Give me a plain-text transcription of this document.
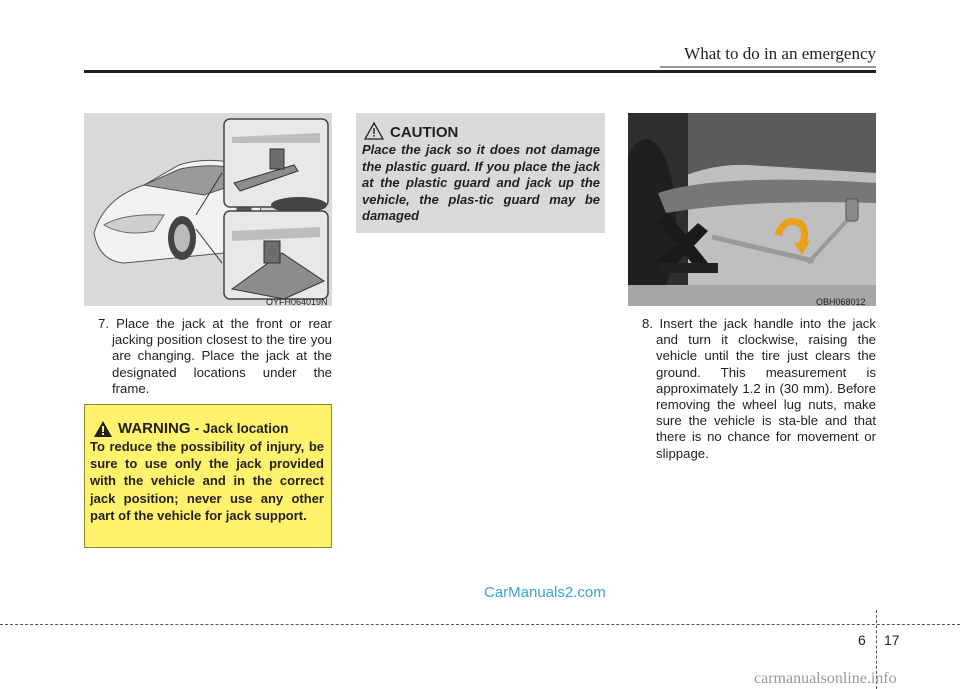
What to do in an emergency
OYFH064019N

7. Place the jack at the front or rear jacking position closest to the tire you are changing. Place the jack at the designated locations under the frame.

WARNING - Jack location
To reduce the possibility of injury, be sure to use only the jack provided with the vehicle and in the correct jack position; never use any other part of the vehicle for jack support.
CAUTION
Place the jack so it does not damage the plastic guard. If you place the jack at the plastic guard and jack up the vehicle, the plas-tic guard may be damaged
OBH068012

8. Insert the jack handle into the jack and turn it clockwise, raising the vehicle until the tire just clears the ground. This measurement is approximately 1.2 in (30 mm). Before removing the wheel lug nuts, make sure the vehicle is sta-ble and that there is no chance for movement or slippage.

CarManuals2.com
6 17
carmanualsonline.info
